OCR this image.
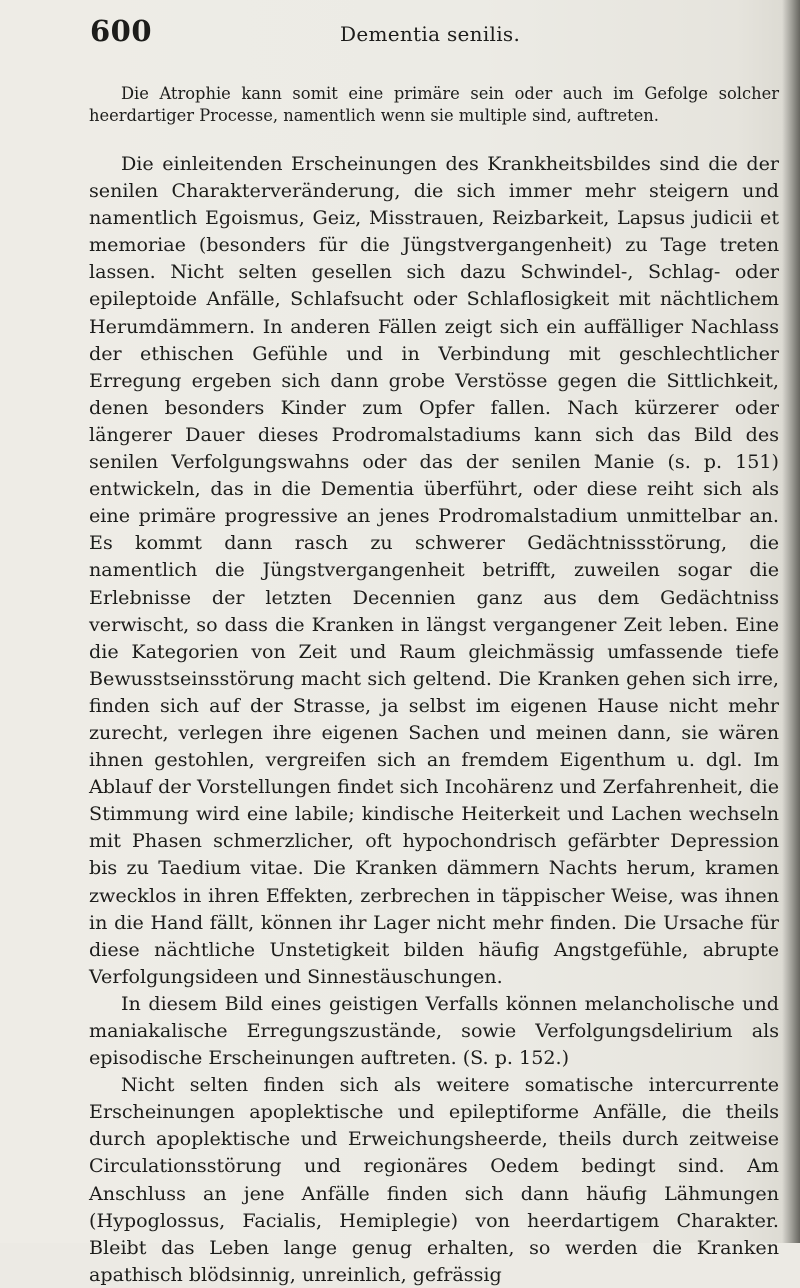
600	Dementia senilis.

Die Atrophie kann somit eine primäre sein oder auch im Gefolge solcher heerdartiger Processe, namentlich wenn sie multiple sind, auftreten.

Die einleitenden Erscheinungen des Krankheitsbildes sind die der senilen Charakterveränderung, die sich immer mehr steigern und namentlich Egoismus, Geiz, Misstrauen, Reizbarkeit, Lapsus judicii et memoriae (besonders für die Jüngstvergangenheit) zu Tage treten lassen. Nicht selten gesellen sich dazu Schwindel-, Schlag- oder epileptoide Anfälle, Schlafsucht oder Schlaflosigkeit mit nächtlichem Herumdämmern. In anderen Fällen zeigt sich ein auffälliger Nachlass der ethischen Gefühle und in Verbindung mit geschlechtlicher Erregung ergeben sich dann grobe Verstösse gegen die Sittlichkeit, denen besonders Kinder zum Opfer fallen. Nach kürzerer oder längerer Dauer dieses Prodromalstadiums kann sich das Bild des senilen Verfolgungswahns oder das der senilen Manie (s. p. 151) entwickeln, das in die Dementia überführt, oder diese reiht sich als eine primäre progressive an jenes Prodromalstadium unmittelbar an. Es kommt dann rasch zu schwerer Gedächtnissstörung, die namentlich die Jüngstvergangenheit betrifft, zuweilen sogar die Erlebnisse der letzten Decennien ganz aus dem Gedächtniss verwischt, so dass die Kranken in längst vergangener Zeit leben. Eine die Kategorien von Zeit und Raum gleichmässig umfassende tiefe Bewusstseinsstörung macht sich geltend. Die Kranken gehen sich irre, finden sich auf der Strasse, ja selbst im eigenen Hause nicht mehr zurecht, verlegen ihre eigenen Sachen und meinen dann, sie wären ihnen gestohlen, vergreifen sich an fremdem Eigenthum u. dgl. Im Ablauf der Vorstellungen findet sich Incohärenz und Zerfahrenheit, die Stimmung wird eine labile; kindische Heiterkeit und Lachen wechseln mit Phasen schmerzlicher, oft hypochondrisch gefärbter Depression bis zu Taedium vitae. Die Kranken dämmern Nachts herum, kramen zwecklos in ihren Effekten, zerbrechen in täppischer Weise, was ihnen in die Hand fällt, können ihr Lager nicht mehr finden. Die Ursache für diese nächtliche Unstetigkeit bilden häufig Angstgefühle, abrupte Verfolgungsideen und Sinnestäuschungen.

In diesem Bild eines geistigen Verfalls können melancholische und maniakalische Erregungszustände, sowie Verfolgungsdelirium als episodische Erscheinungen auftreten. (S. p. 152.)

Nicht selten finden sich als weitere somatische intercurrente Erscheinungen apoplektische und epileptiforme Anfälle, die theils durch apoplektische und Erweichungsheerde, theils durch zeitweise Circulationsstörung und regionäres Oedem bedingt sind. Am Anschluss an jene Anfälle finden sich dann häufig Lähmungen (Hypoglossus, Facialis, Hemiplegie) von heerdartigem Charakter. Bleibt das Leben lange genug erhalten, so werden die Kranken apathisch blödsinnig, unreinlich, gefrässig
